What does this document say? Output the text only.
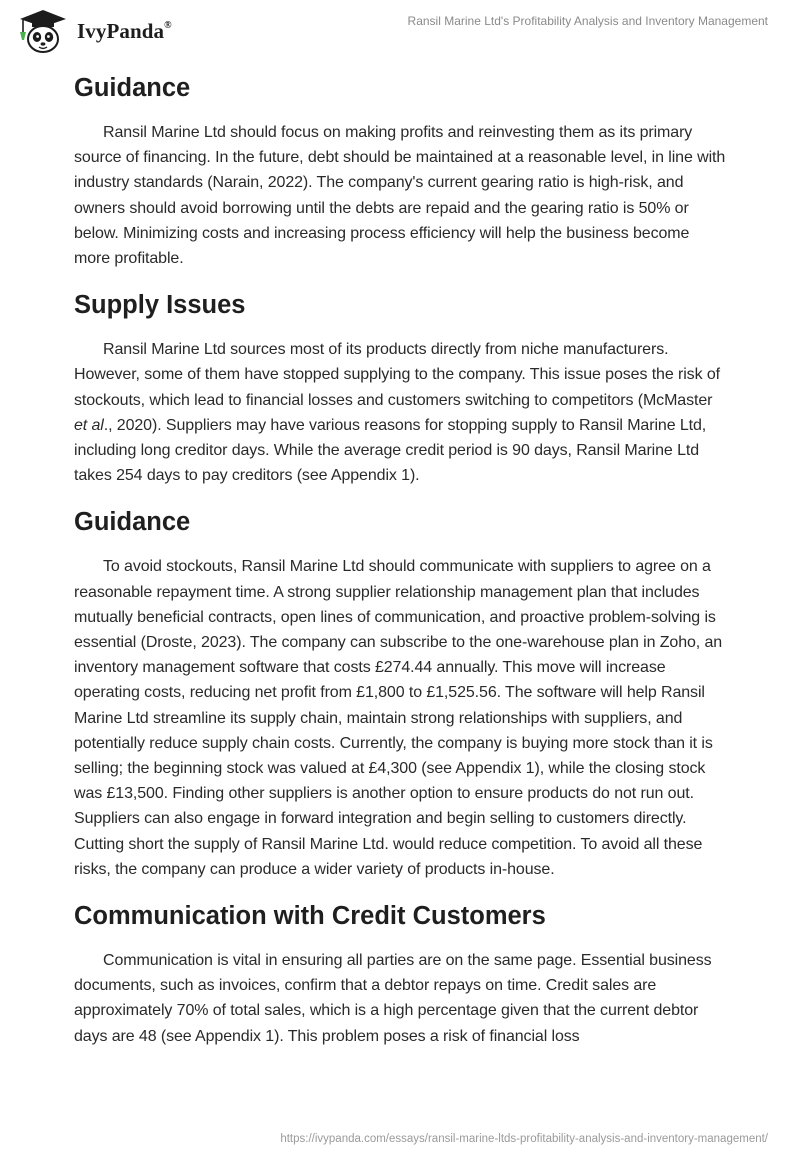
IvyPanda®	Ransil Marine Ltd's Profitability Analysis and Inventory Management
Guidance

Ransil Marine Ltd should focus on making profits and reinvesting them as its primary source of financing. In the future, debt should be maintained at a reasonable level, in line with industry standards (Narain, 2022). The company's current gearing ratio is high-risk, and owners should avoid borrowing until the debts are repaid and the gearing ratio is 50% or below. Minimizing costs and increasing process efficiency will help the business become more profitable.

Supply Issues

Ransil Marine Ltd sources most of its products directly from niche manufacturers. However, some of them have stopped supplying to the company. This issue poses the risk of stockouts, which lead to financial losses and customers switching to competitors (McMaster et al., 2020). Suppliers may have various reasons for stopping supply to Ransil Marine Ltd, including long creditor days. While the average credit period is 90 days, Ransil Marine Ltd takes 254 days to pay creditors (see Appendix 1).

Guidance

To avoid stockouts, Ransil Marine Ltd should communicate with suppliers to agree on a reasonable repayment time. A strong supplier relationship management plan that includes mutually beneficial contracts, open lines of communication, and proactive problem-solving is essential (Droste, 2023). The company can subscribe to the one-warehouse plan in Zoho, an inventory management software that costs £274.44 annually. This move will increase operating costs, reducing net profit from £1,800 to £1,525.56. The software will help Ransil Marine Ltd streamline its supply chain, maintain strong relationships with suppliers, and potentially reduce supply chain costs. Currently, the company is buying more stock than it is selling; the beginning stock was valued at £4,300 (see Appendix 1), while the closing stock was £13,500. Finding other suppliers is another option to ensure products do not run out. Suppliers can also engage in forward integration and begin selling to customers directly. Cutting short the supply of Ransil Marine Ltd. would reduce competition. To avoid all these risks, the company can produce a wider variety of products in-house.

Communication with Credit Customers

Communication is vital in ensuring all parties are on the same page. Essential business documents, such as invoices, confirm that a debtor repays on time. Credit sales are approximately 70% of total sales, which is a high percentage given that the current debtor days are 48 (see Appendix 1). This problem poses a risk of financial loss

https://ivypanda.com/essays/ransil-marine-ltds-profitability-analysis-and-inventory-management/
